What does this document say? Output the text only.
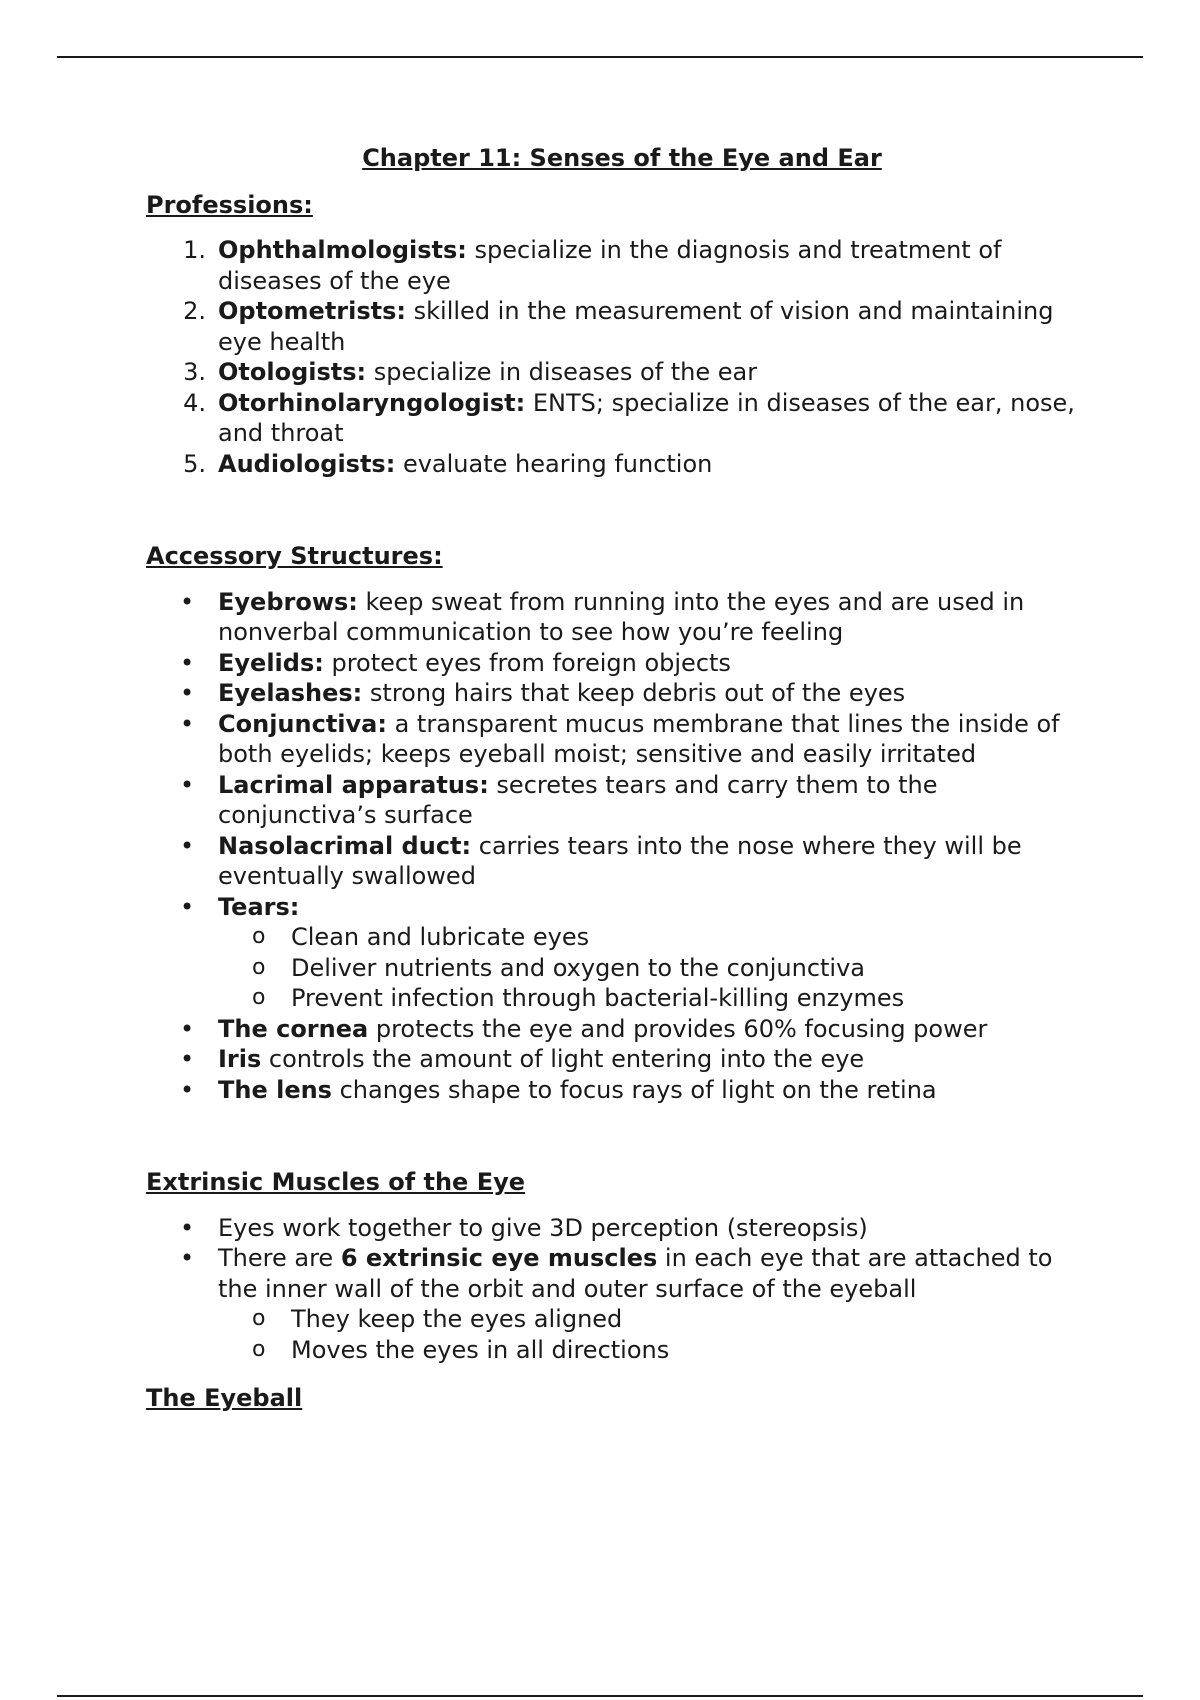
Chapter 11: Senses of the Eye and Ear
Professions:
1. Ophthalmologists: specialize in the diagnosis and treatment of diseases of the eye
2. Optometrists: skilled in the measurement of vision and maintaining eye health
3. Otologists: specialize in diseases of the ear
4. Otorhinolaryngologist: ENTS; specialize in diseases of the ear, nose, and throat
5. Audiologists: evaluate hearing function
Accessory Structures:
• Eyebrows: keep sweat from running into the eyes and are used in nonverbal communication to see how you’re feeling
• Eyelids: protect eyes from foreign objects
• Eyelashes: strong hairs that keep debris out of the eyes
• Conjunctiva: a transparent mucus membrane that lines the inside of both eyelids; keeps eyeball moist; sensitive and easily irritated
• Lacrimal apparatus: secretes tears and carry them to the conjunctiva’s surface
• Nasolacrimal duct: carries tears into the nose where they will be eventually swallowed
• Tears:
o Clean and lubricate eyes
o Deliver nutrients and oxygen to the conjunctiva
o Prevent infection through bacterial-killing enzymes
• The cornea protects the eye and provides 60% focusing power
• Iris controls the amount of light entering into the eye
• The lens changes shape to focus rays of light on the retina
Extrinsic Muscles of the Eye
• Eyes work together to give 3D perception (stereopsis)
• There are 6 extrinsic eye muscles in each eye that are attached to the inner wall of the orbit and outer surface of the eyeball
o They keep the eyes aligned
o Moves the eyes in all directions
The Eyeball
